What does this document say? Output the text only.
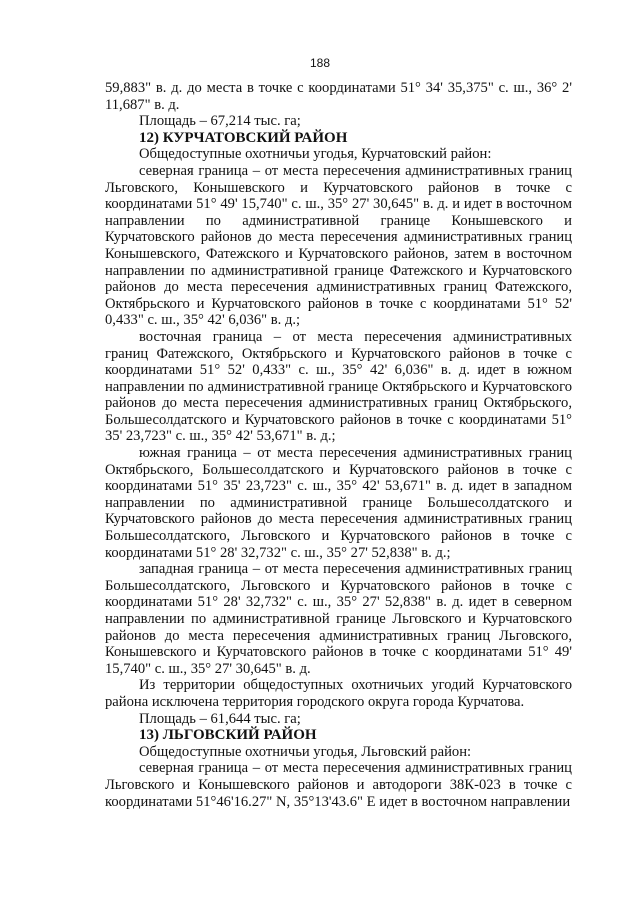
188

59,883" в. д. до места в точке с координатами 51° 34' 35,375" с. ш., 36° 2' 11,687" в. д.

Площадь – 67,214 тыс. га;

12) КУРЧАТОВСКИЙ РАЙОН

Общедоступные охотничьи угодья, Курчатовский район:

северная граница – от места пересечения административных границ Льговского, Конышевского и Курчатовского районов в точке с координатами 51° 49' 15,740" с. ш., 35° 27' 30,645" в. д. и идет в восточном направлении по административной границе Конышевского и Курчатовского районов до места пересечения административных границ Конышевского, Фатежского и Курчатовского районов, затем в восточном направлении по административной границе Фатежского и Курчатовского районов до места пересечения административных границ Фатежского, Октябрьского и Курчатовского районов в точке с координатами 51° 52' 0,433" с. ш., 35° 42' 6,036" в. д.;

восточная граница – от места пересечения административных границ Фатежского, Октябрьского и Курчатовского районов в точке с координатами 51° 52' 0,433" с. ш., 35° 42' 6,036" в. д. идет в южном направлении по административной границе Октябрьского и Курчатовского районов до места пересечения административных границ Октябрьского, Большесолдатского и Курчатовского районов в точке с координатами 51° 35' 23,723" с. ш., 35° 42' 53,671" в. д.;

южная граница – от места пересечения административных границ Октябрьского, Большесолдатского и Курчатовского районов в точке с координатами 51° 35' 23,723" с. ш., 35° 42' 53,671" в. д. идет в западном направлении по административной границе Большесолдатского и Курчатовского районов до места пересечения административных границ Большесолдатского, Льговского и Курчатовского районов в точке с координатами 51° 28' 32,732" с. ш., 35° 27' 52,838" в. д.;

западная граница – от места пересечения административных границ Большесолдатского, Льговского и Курчатовского районов в точке с координатами 51° 28' 32,732" с. ш., 35° 27' 52,838" в. д. идет в северном направлении по административной границе Льговского и Курчатовского районов до места пересечения административных границ Льговского, Конышевского и Курчатовского районов в точке с координатами 51° 49' 15,740" с. ш., 35° 27' 30,645" в. д.

Из территории общедоступных охотничьих угодий Курчатовского района исключена территория городского округа города Курчатова.

Площадь – 61,644 тыс. га;

13) ЛЬГОВСКИЙ РАЙОН

Общедоступные охотничьи угодья, Льговский район:

северная граница – от места пересечения административных границ Льговского и Конышевского районов и автодороги 38К-023 в точке с координатами 51°46'16.27" N, 35°13'43.6" E идет в восточном направлении
